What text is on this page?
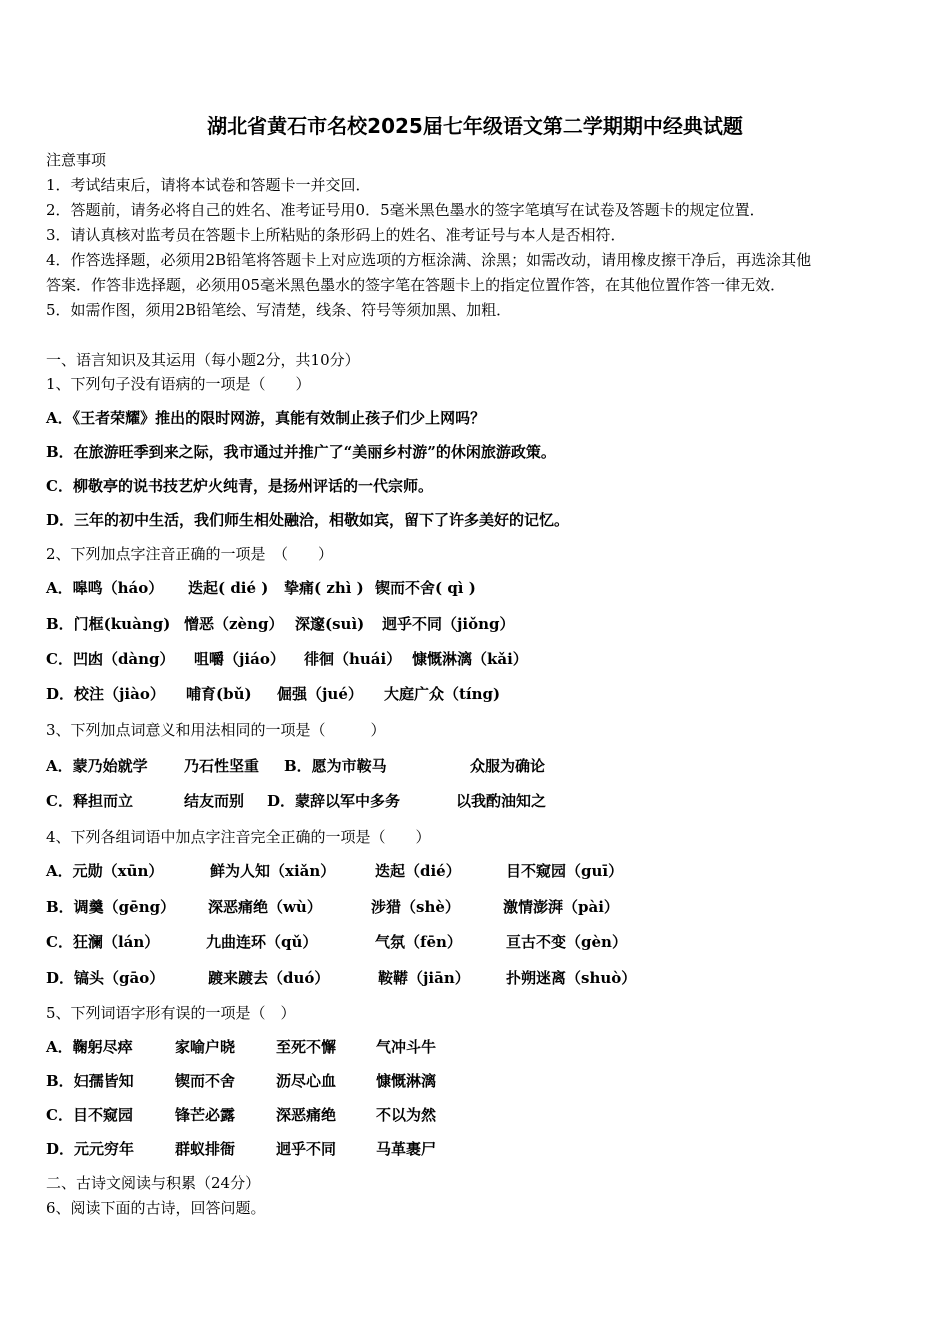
湖北省黄石市名校2025届七年级语文第二学期期中经典试题
注意事项
1．考试结束后，请将本试卷和答题卡一并交回．
2．答题前，请务必将自己的姓名、准考证号用0．5毫米黑色墨水的签字笔填写在试卷及答题卡的规定位置．
3．请认真核对监考员在答题卡上所粘贴的条形码上的姓名、准考证号与本人是否相符．
4．作答选择题，必须用2B铅笔将答题卡上对应选项的方框涂满、涂黑；如需改动，请用橡皮擦干净后，再选涂其他
答案．作答非选择题，必须用05毫米黑色墨水的签字笔在答题卡上的指定位置作答，在其他位置作答一律无效．
5．如需作图，须用2B铅笔绘、写清楚，线条、符号等须加黑、加粗．
一、语言知识及其运用（每小题2分，共10分）
1、下列句子没有语病的一项是（　　）
A．《王者荣耀》推出的限时网游，真能有效制止孩子们少上网吗？
B．在旅游旺季到来之际，我市通过并推广了“美丽乡村游”的休闲旅游政策。
C．柳敬亭的说书技艺炉火纯青，是扬州评话的一代宗师。
D．三年的初中生活，我们师生相处融洽，相敬如宾，留下了许多美好的记忆。
2、下列加点字注音正确的一项是　（　　）
A．嗥鸣（háo） 迭起( dié ) 挚痛( zhì ) 锲而不舍( qì )
B．门框(kuàng) 憎恶（zèng） 深邃(suì) 迥乎不同（jiǒng）
C．凹凼（dàng） 咀嚼（jiáo） 徘徊（huái） 慷慨淋漓（kǎi）
D．校注（jiào） 哺育(bǔ) 倔强（jué） 大庭广众（tíng)
3、下列加点词意义和用法相同的一项是（　　　）
A．蒙乃始就学 乃石性坚重 B．愿为市鞍马	众服为确论
C．释担而立	结友而别 D．蒙辞以军中多务	以我酌油知之
4、下列各组词语中加点字注音完全正确的一项是（　　）
A．元勋（xūn）	鲜为人知（xiǎn）	迭起（dié）	目不窥园（guī）
B．调羹（gēng） 深恶痛绝（wù）	涉猎（shè）	激情澎湃（pài）
C．狂澜（lán）	九曲连环（qǔ）	气氛（fēn）	亘古不变（gèn）
D．镐头（gāo）	踱来踱去（duó）	鞍鞯（jiān） 扑朔迷离（shuò）
5、下列词语字形有误的一项是（　）
A．鞠躬尽瘁	家喻户晓	至死不懈	气冲斗牛
B．妇孺皆知	锲而不舍	沥尽心血	慷慨淋漓
C．目不窥园	锋芒必露	深恶痛绝	不以为然
D．元元穷年	群蚁排衙	迥乎不同	马革裹尸
二、古诗文阅读与积累（24分）
6、阅读下面的古诗，回答问题。
